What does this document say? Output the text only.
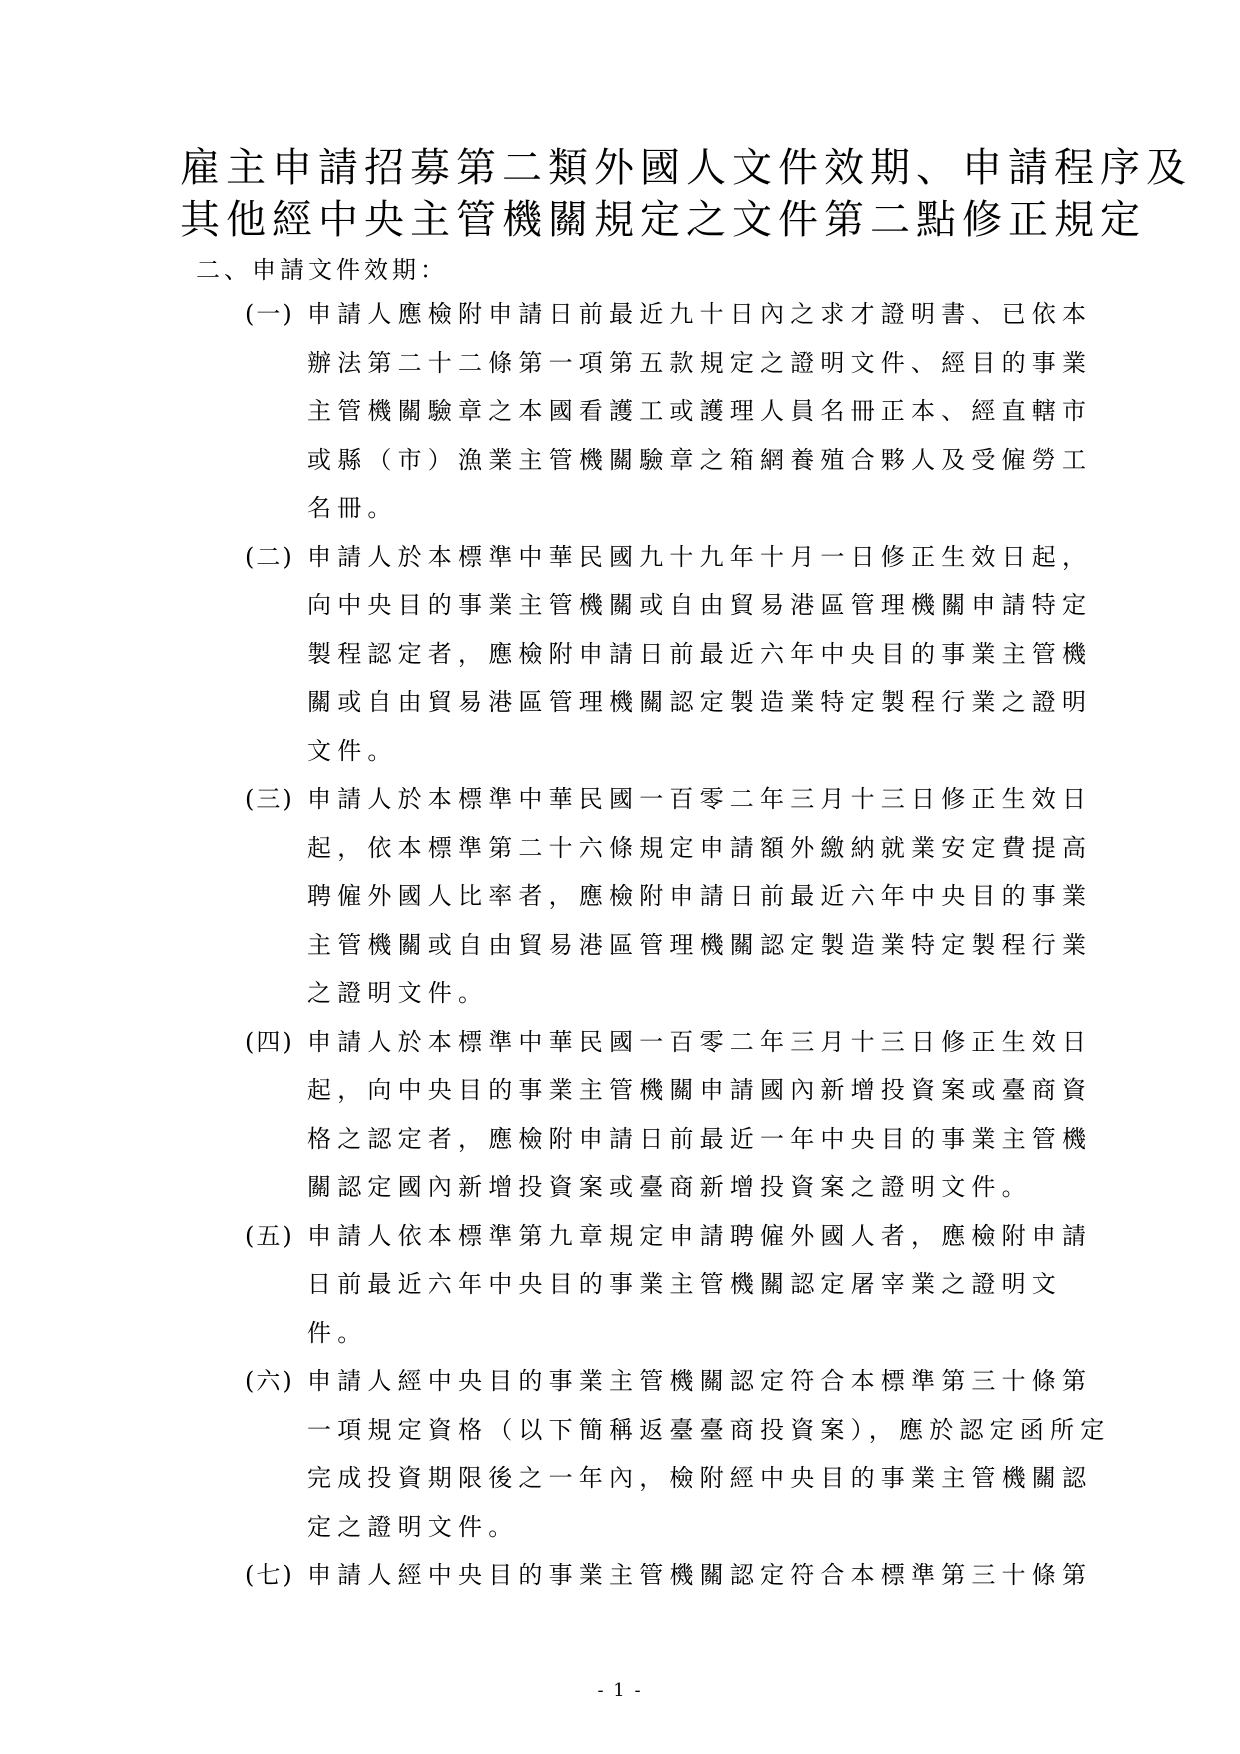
雇主申請招募第二類外國人文件效期、申請程序及
其他經中央主管機關規定之文件第二點修正規定
二、申請文件效期：
(一) 申請人應檢附申請日前最近九十日內之求才證明書、已依本
辦法第二十二條第一項第五款規定之證明文件、經目的事業
主管機關驗章之本國看護工或護理人員名冊正本、經直轄市
或縣（市）漁業主管機關驗章之箱網養殖合夥人及受僱勞工
名冊。
(二) 申請人於本標準中華民國九十九年十月一日修正生效日起，
向中央目的事業主管機關或自由貿易港區管理機關申請特定
製程認定者，應檢附申請日前最近六年中央目的事業主管機
關或自由貿易港區管理機關認定製造業特定製程行業之證明
文件。
(三) 申請人於本標準中華民國一百零二年三月十三日修正生效日
起，依本標準第二十六條規定申請額外繳納就業安定費提高
聘僱外國人比率者，應檢附申請日前最近六年中央目的事業
主管機關或自由貿易港區管理機關認定製造業特定製程行業
之證明文件。
(四) 申請人於本標準中華民國一百零二年三月十三日修正生效日
起，向中央目的事業主管機關申請國內新增投資案或臺商資
格之認定者，應檢附申請日前最近一年中央目的事業主管機
關認定國內新增投資案或臺商新增投資案之證明文件。
(五) 申請人依本標準第九章規定申請聘僱外國人者，應檢附申請
日前最近六年中央目的事業主管機關認定屠宰業之證明文
件。
(六) 申請人經中央目的事業主管機關認定符合本標準第三十條第
一項規定資格（以下簡稱返臺臺商投資案），應於認定函所定
完成投資期限後之一年內，檢附經中央目的事業主管機關認
定之證明文件。
(七) 申請人經中央目的事業主管機關認定符合本標準第三十條第
- 1 -
